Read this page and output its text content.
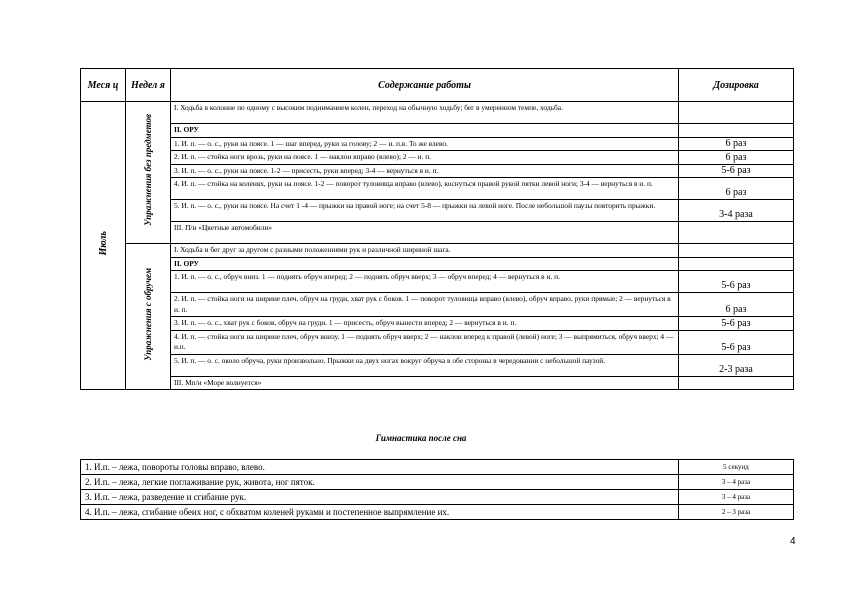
Меся ц	Недел я	Содержание работы	Дозировка
Июль	Упражнения без предметов	I. Ходьба в колонне по одному с высоким подниманием колен, переход на обычную ходьбу; бег в умеренном темпе, ходьба.	
		II. ОРУ	
		1. И. п. — о. с., руки на поясе. 1 — шаг вперед, руки за голову; 2 — и. п.в. То же влево.	6 раз
		2. И. п. — стойка ноги врозь, руки на поясе. 1 — наклон вправо (влево); 2 — и. п.	6 раз
		3. И. п. — о. с., руки на поясе. 1-2 — присесть, руки вперед; 3-4 — вернуться в и. п.	5-6 раз
		4. И. п. — стойка на коленях, руки на поясе. 1-2 — поворот туловища вправо (влево), коснуться правой рукой пятки левой ноги; 3-4 — вернуться в и. п.	6 раз
		5. И. п. — о. с., руки на поясе. На счет 1 -4 — прыжки на правой ноге; на счет 5-8 — прыжки на левой ноге. После небольшой паузы повторить прыжки.	3-4 раза
		III. П/и «Цветные автомобили»	
	Упражнения с обручем	I. Ходьба и бег друг за другом с разными положениями рук и различной шириной шага.	
		II. ОРУ	
		1. И. п. — о. с., обруч вниз. 1 — поднять обруч вперед; 2 — поднять обруч вверх; 3 — обруч вперед; 4 — вернуться в и. п.	5-6 раз
		2. И. п. — стойка ноги на ширине плеч, обруч на груди, хват рук с боков. 1 — поворот туловища вправо (влево), обруч вправо, руки прямые; 2 — вернуться в и. п.	6 раз
		3. И. п. — о. с., хват рук с боков, обруч на груди. 1 — присесть, обруч вынести вперед; 2 — вернуться в и. п.	5-6 раз
		4. И. п. — стойка ноги на ширине плеч, обруч внизу. 1 — поднять обруч вверх; 2 — наклон вперед к правой (левой) ноге; 3 — выпрямиться, обруч вверх; 4 — и.п.	5-6 раз
		5. И. п. — о. с. около обруча, руки произвольно. Прыжки на двух ногах вокруг обруча в обе стороны в чередовании с небольшой паузой.	2-3 раза
		III. Мп/и «Море волнуется»	
Гимнастика после сна
1. И.п. – лежа, повороты головы вправо, влево.	5 секунд
2. И.п. – лежа, легкие поглаживание рук, живота, ног пяток.	3 – 4 раза
3. И.п. – лежа, разведение и сгибание рук.	3 – 4 раза
4. И.п. – лежа, сгибание обеих ног, с обхватом коленей руками и постепенное выпрямление их.	2 – 3 раза
4
